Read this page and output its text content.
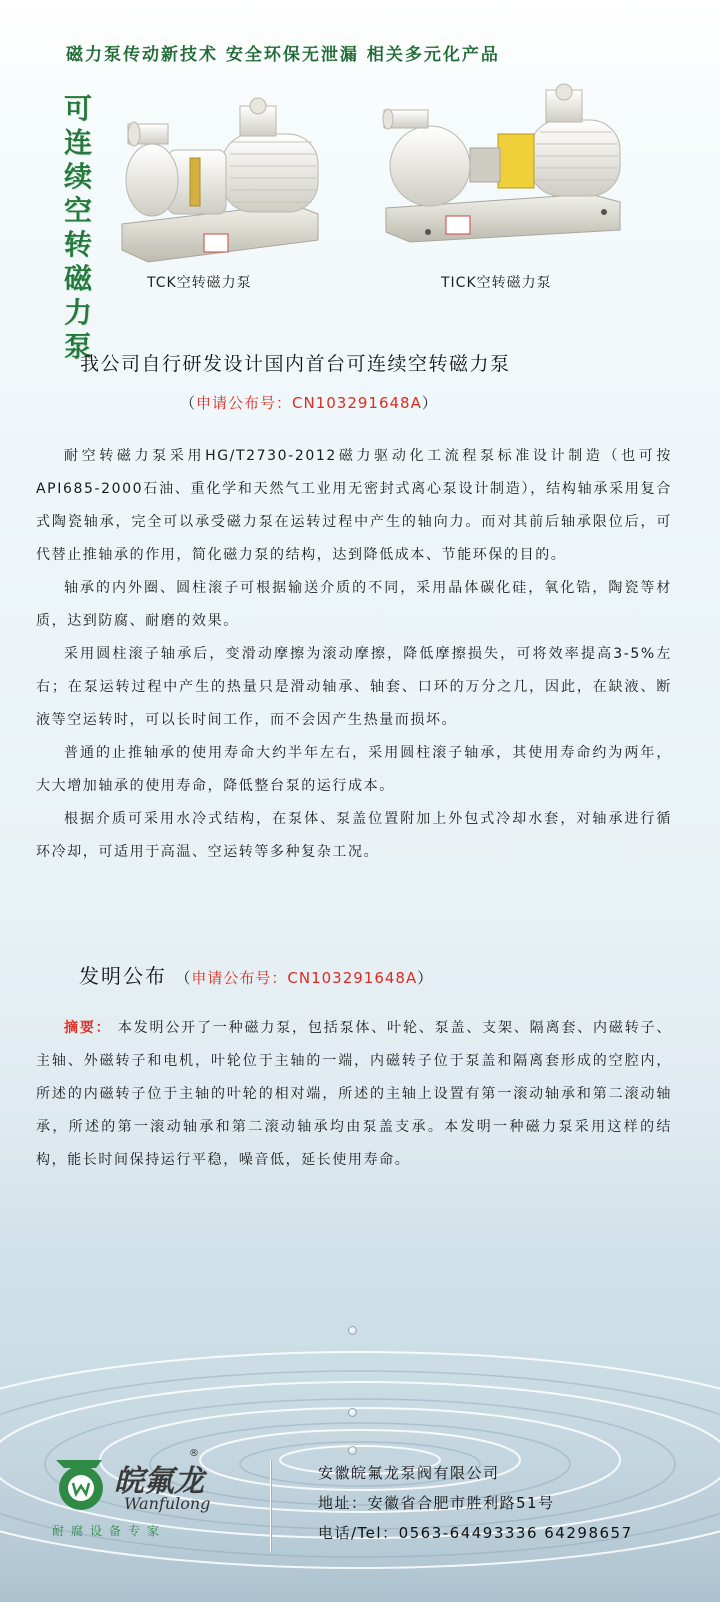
磁力泵传动新技术 安全环保无泄漏 相关多元化产品
可
连
续
空
转
磁
力
泵
TCK空转磁力泵	TICK空转磁力泵
我公司自行研发设计国内首台可连续空转磁力泵
（申请公布号：CN103291648A）

耐空转磁力泵采用HG/T2730-2012磁力驱动化工流程泵标准设计制造（也可按API685-2000石油、重化学和天然气工业用无密封式离心泵设计制造），结构轴承采用复合式陶瓷轴承，完全可以承受磁力泵在运转过程中产生的轴向力。而对其前后轴承限位后，可代替止推轴承的作用，简化磁力泵的结构，达到降低成本、节能环保的目的。

轴承的内外圈、圆柱滚子可根据输送介质的不同，采用晶体碳化硅，氧化锆，陶瓷等材质，达到防腐、耐磨的效果。

采用圆柱滚子轴承后，变滑动摩擦为滚动摩擦，降低摩擦损失，可将效率提高3-5%左右；在泵运转过程中产生的热量只是滑动轴承、轴套、口环的万分之几，因此，在缺液、断液等空运转时，可以长时间工作，而不会因产生热量而损坏。

普通的止推轴承的使用寿命大约半年左右，采用圆柱滚子轴承，其使用寿命约为两年，大大增加轴承的使用寿命，降低整台泵的运行成本。

根据介质可采用水冷式结构，在泵体、泵盖位置附加上外包式冷却水套，对轴承进行循环冷却，可适用于高温、空运转等多种复杂工况。

发明公布 （申请公布号：CN103291648A）

摘要： 本发明公开了一种磁力泵，包括泵体、叶轮、泵盖、支架、隔离套、内磁转子、主轴、外磁转子和电机，叶轮位于主轴的一端，内磁转子位于泵盖和隔离套形成的空腔内，所述的内磁转子位于主轴的叶轮的相对端，所述的主轴上设置有第一滚动轴承和第二滚动轴承，所述的第一滚动轴承和第二滚动轴承均由泵盖支承。本发明一种磁力泵采用这样的结构，能长时间保持运行平稳，噪音低，延长使用寿命。

皖氟龙
®
Wanfulong
耐腐设备专家
安徽皖氟龙泵阀有限公司
地址：安徽省合肥市胜利路51号
电话/Tel：0563-64493336 64298657
